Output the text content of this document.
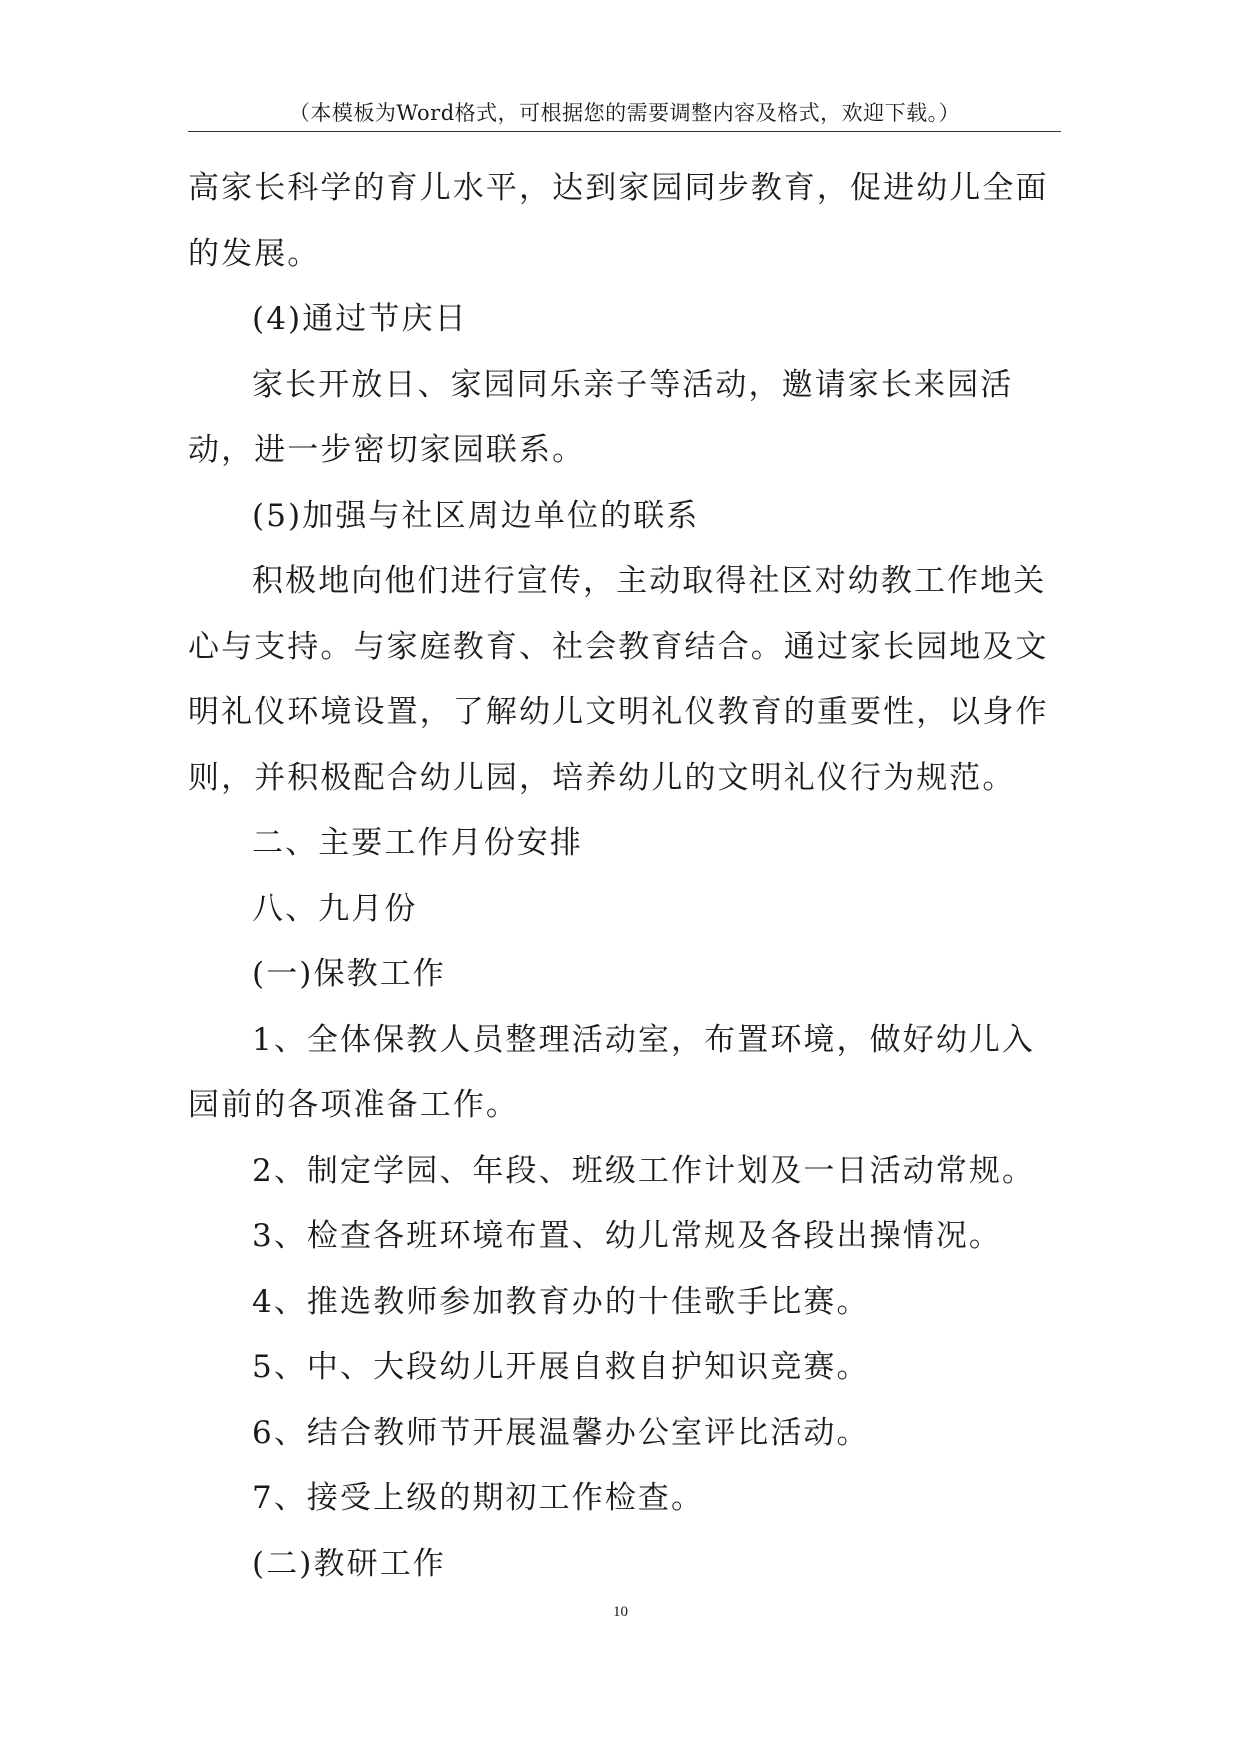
（本模板为Word格式，可根据您的需要调整内容及格式，欢迎下载。）

高家长科学的育儿水平，达到家园同步教育，促进幼儿全面的发展。

(4)通过节庆日

家长开放日、家园同乐亲子等活动，邀请家长来园活动，进一步密切家园联系。

(5)加强与社区周边单位的联系

积极地向他们进行宣传，主动取得社区对幼教工作地关心与支持。与家庭教育、社会教育结合。通过家长园地及文明礼仪环境设置，了解幼儿文明礼仪教育的重要性，以身作则，并积极配合幼儿园，培养幼儿的文明礼仪行为规范。

二、主要工作月份安排

八、九月份

(一)保教工作

1、全体保教人员整理活动室，布置环境，做好幼儿入园前的各项准备工作。

2、制定学园、年段、班级工作计划及一日活动常规。

3、检查各班环境布置、幼儿常规及各段出操情况。

4、推选教师参加教育办的十佳歌手比赛。

5、中、大段幼儿开展自救自护知识竞赛。

6、结合教师节开展温馨办公室评比活动。

7、接受上级的期初工作检查。

(二)教研工作

10
